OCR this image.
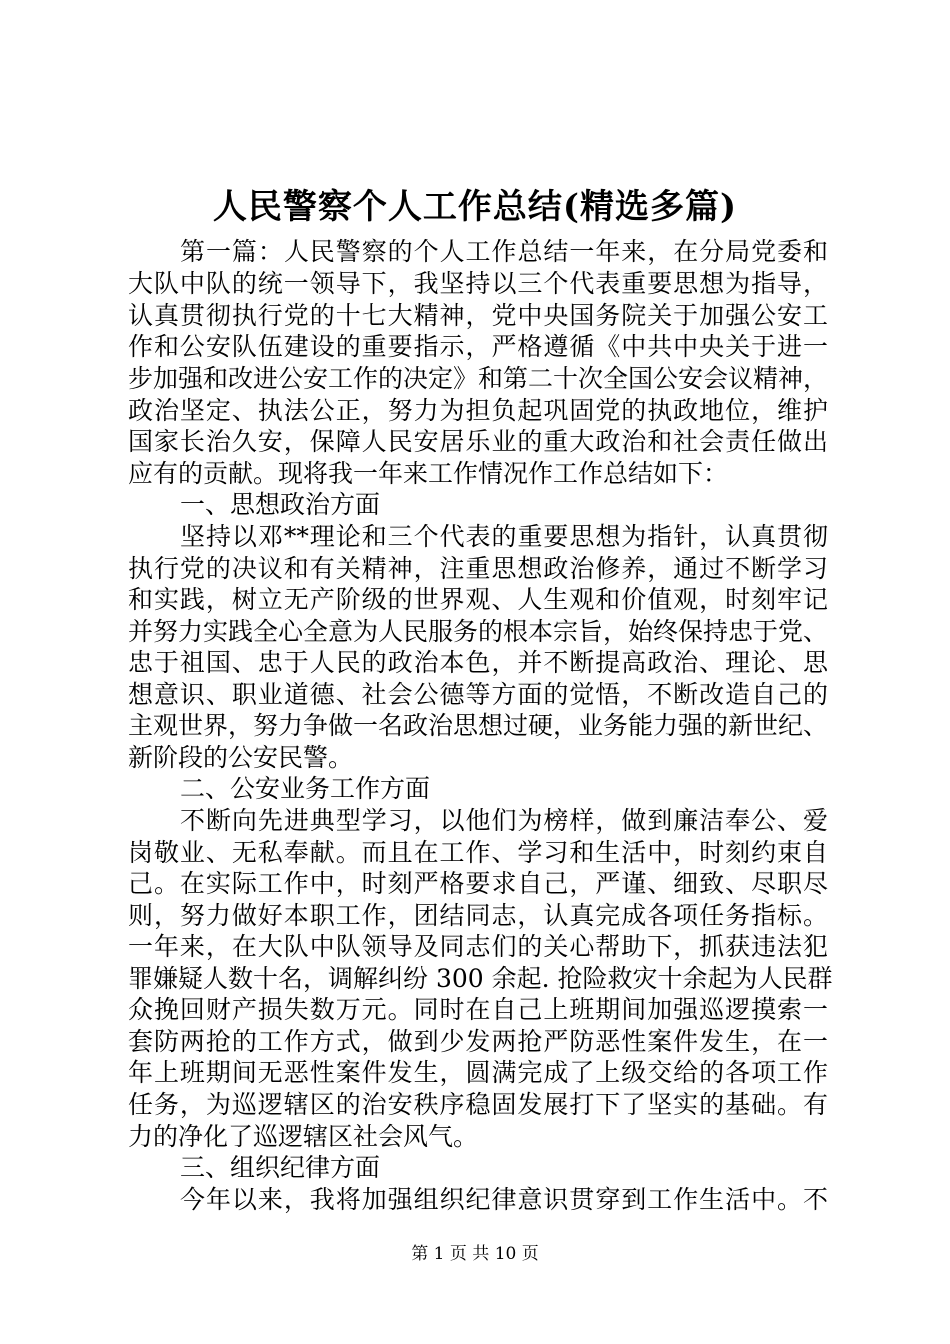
人民警察个人工作总结(精选多篇)
第一篇：人民警察的个人工作总结一年来，在分局党委和
大队中队的统一领导下，我坚持以三个代表重要思想为指导，
认真贯彻执行党的十七大精神，党中央国务院关于加强公安工
作和公安队伍建设的重要指示，严格遵循《中共中央关于进一
步加强和改进公安工作的决定》和第二十次全国公安会议精神，
政治坚定、执法公正，努力为担负起巩固党的执政地位，维护
国家长治久安，保障人民安居乐业的重大政治和社会责任做出
应有的贡献。现将我一年来工作情况作工作总结如下：
一、思想政治方面
坚持以邓**理论和三个代表的重要思想为指针，认真贯彻
执行党的决议和有关精神，注重思想政治修养，通过不断学习
和实践，树立无产阶级的世界观、人生观和价值观，时刻牢记
并努力实践全心全意为人民服务的根本宗旨，始终保持忠于党、
忠于祖国、忠于人民的政治本色，并不断提高政治、理论、思
想意识、职业道德、社会公德等方面的觉悟，不断改造自己的
主观世界，努力争做一名政治思想过硬，业务能力强的新世纪、
新阶段的公安民警。
二、公安业务工作方面
不断向先进典型学习，以他们为榜样，做到廉洁奉公、爱
岗敬业、无私奉献。而且在工作、学习和生活中，时刻约束自
己。在实际工作中，时刻严格要求自己，严谨、细致、尽职尽
则，努力做好本职工作，团结同志，认真完成各项任务指标。
一年来，在大队中队领导及同志们的关心帮助下，抓获违法犯
罪嫌疑人数十名，调解纠纷 300 余起. 抢险救灾十余起为人民群
众挽回财产损失数万元。同时在自己上班期间加强巡逻摸索一
套防两抢的工作方式，做到少发两抢严防恶性案件发生，在一
年上班期间无恶性案件发生，圆满完成了上级交给的各项工作
任务，为巡逻辖区的治安秩序稳固发展打下了坚实的基础。有
力的净化了巡逻辖区社会风气。
三、组织纪律方面
今年以来，我将加强组织纪律意识贯穿到工作生活中。不
第 1 页 共 10 页
